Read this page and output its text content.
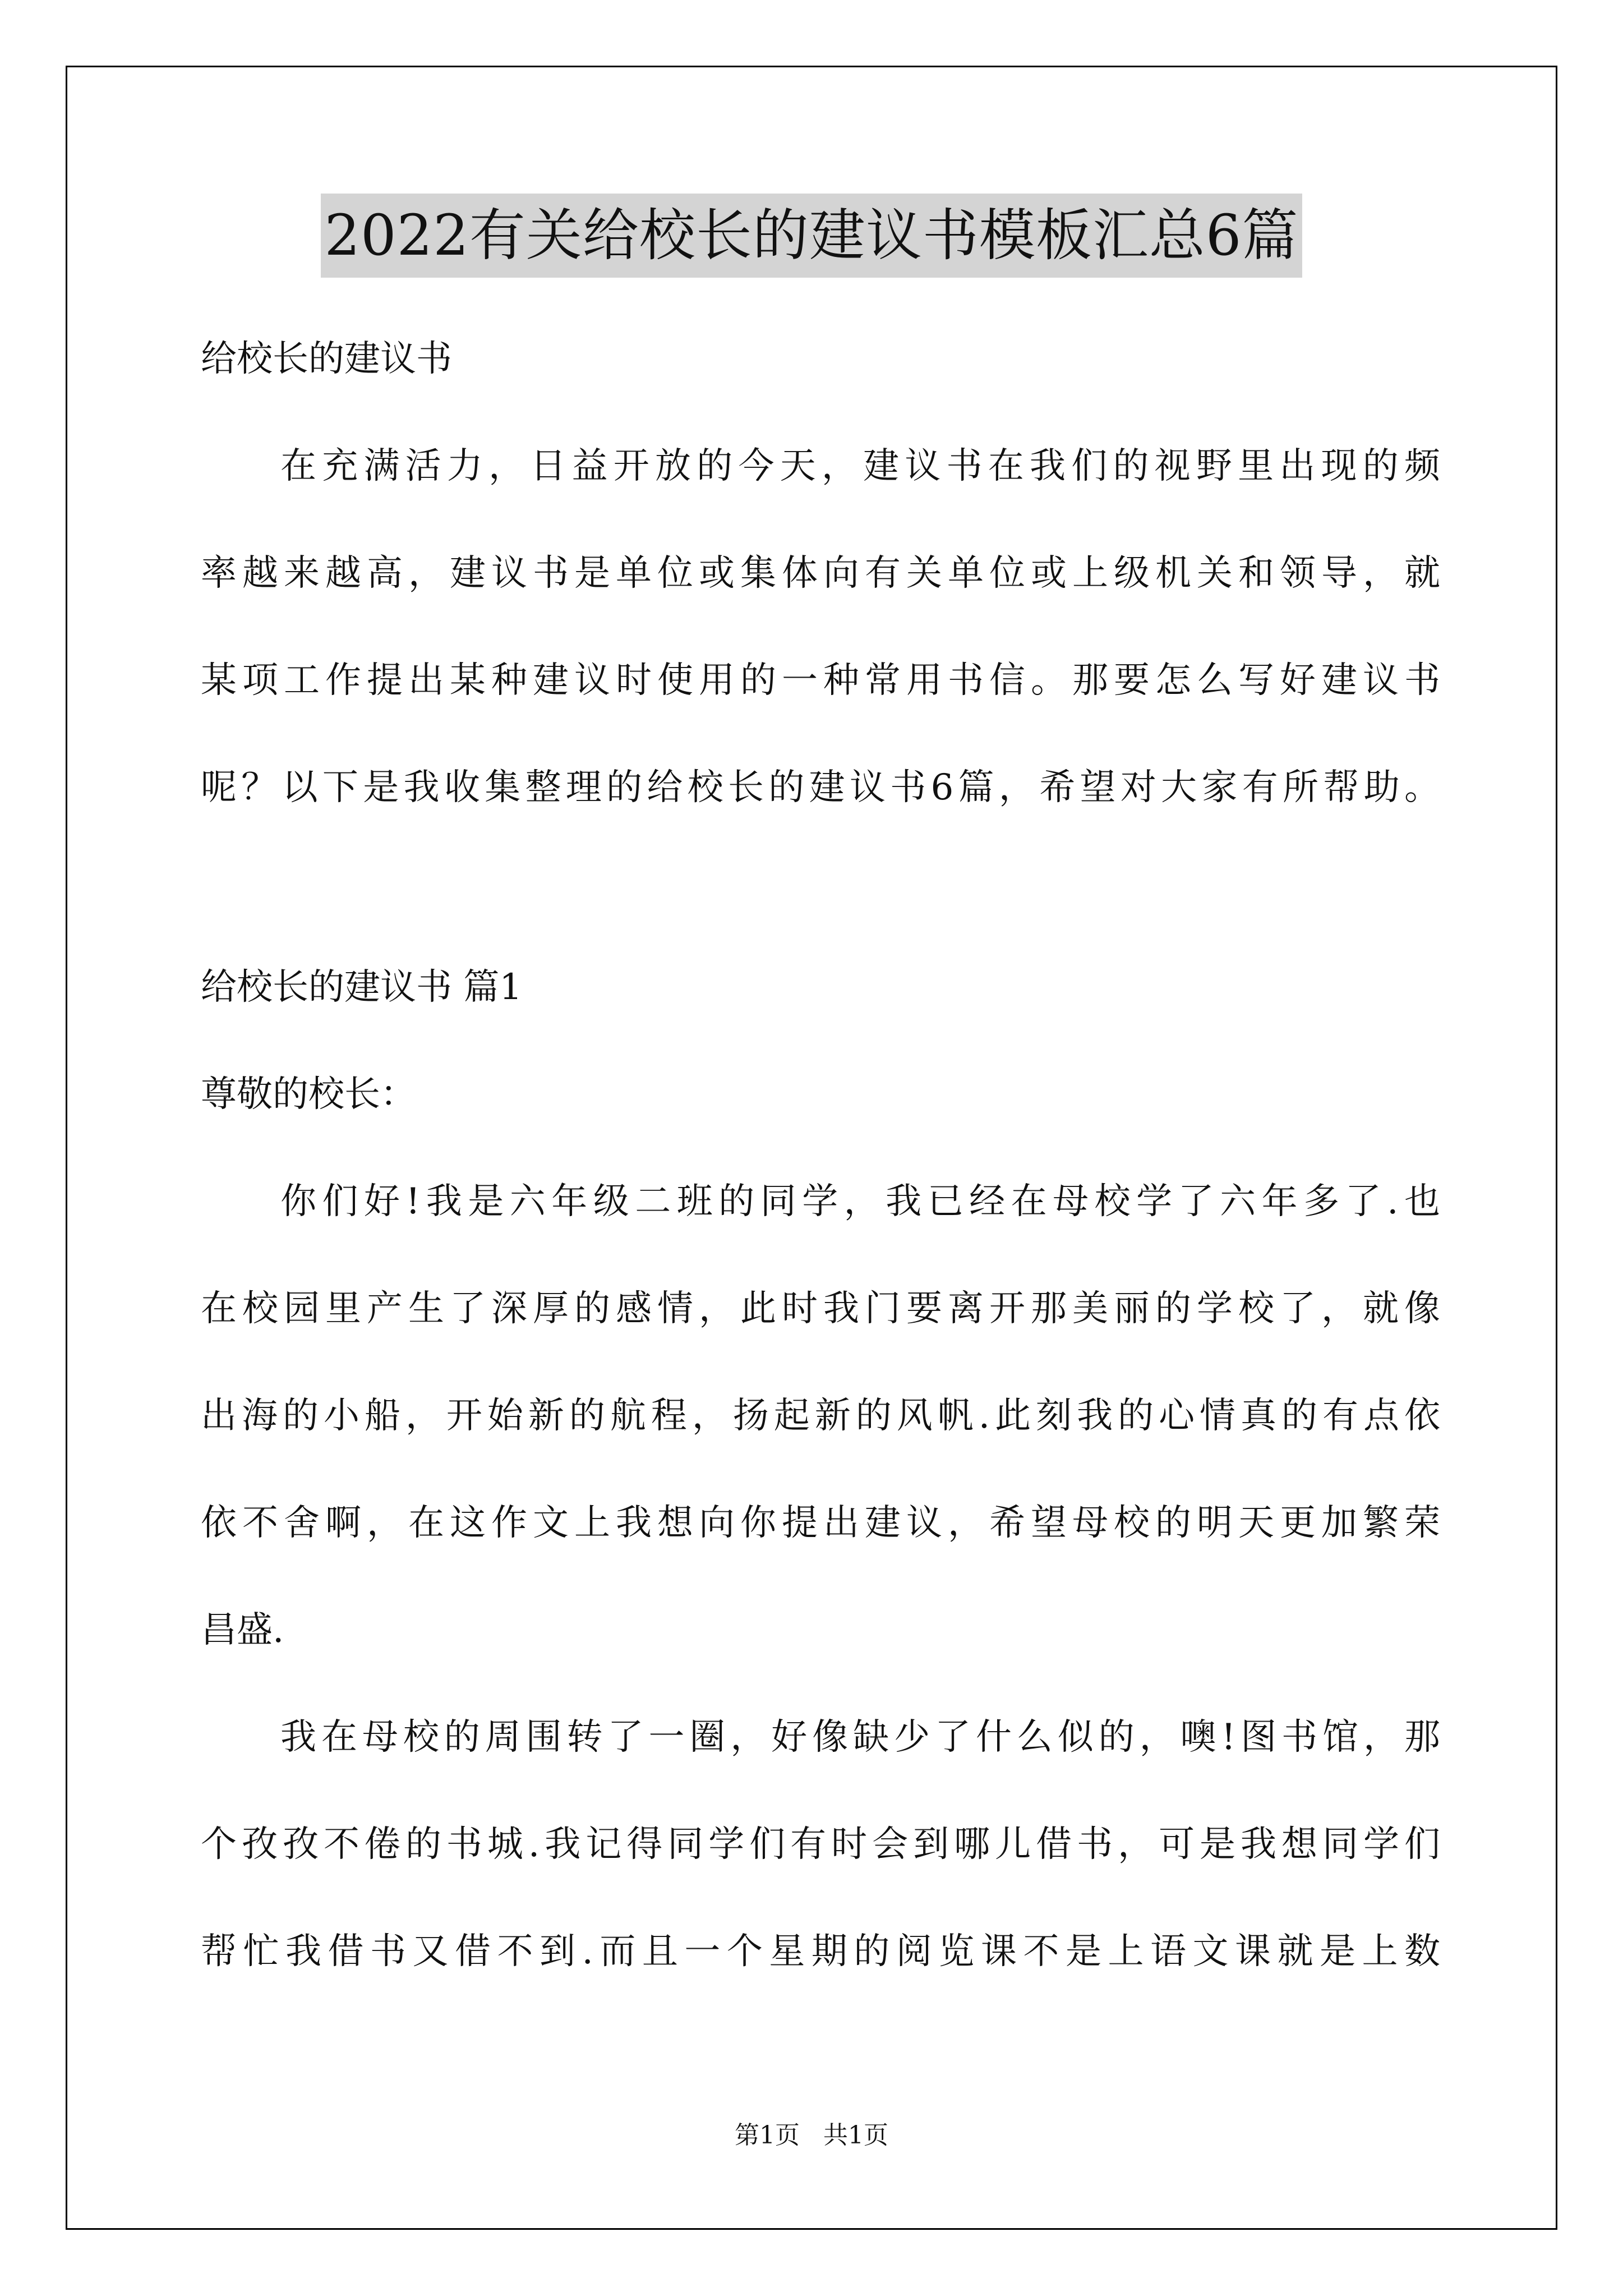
2022有关给校长的建议书模板汇总6篇
给校长的建议书
在充满活力，日益开放的今天，建议书在我们的视野里出现的频
率越来越高，建议书是单位或集体向有关单位或上级机关和领导，就
某项工作提出某种建议时使用的一种常用书信。那要怎么写好建议书
呢？以下是我收集整理的给校长的建议书6篇，希望对大家有所帮助。
给校长的建议书 篇1
尊敬的校长：
你们好!我是六年级二班的同学，我已经在母校学了六年多了.也
在校园里产生了深厚的感情，此时我门要离开那美丽的学校了，就像
出海的小船，开始新的航程，扬起新的风帆.此刻我的心情真的有点依
依不舍啊，在这作文上我想向你提出建议，希望母校的明天更加繁荣
昌盛.
我在母校的周围转了一圈，好像缺少了什么似的，噢!图书馆，那
个孜孜不倦的书城.我记得同学们有时会到哪儿借书，可是我想同学们
帮忙我借书又借不到.而且一个星期的阅览课不是上语文课就是上数
第1页   共1页
